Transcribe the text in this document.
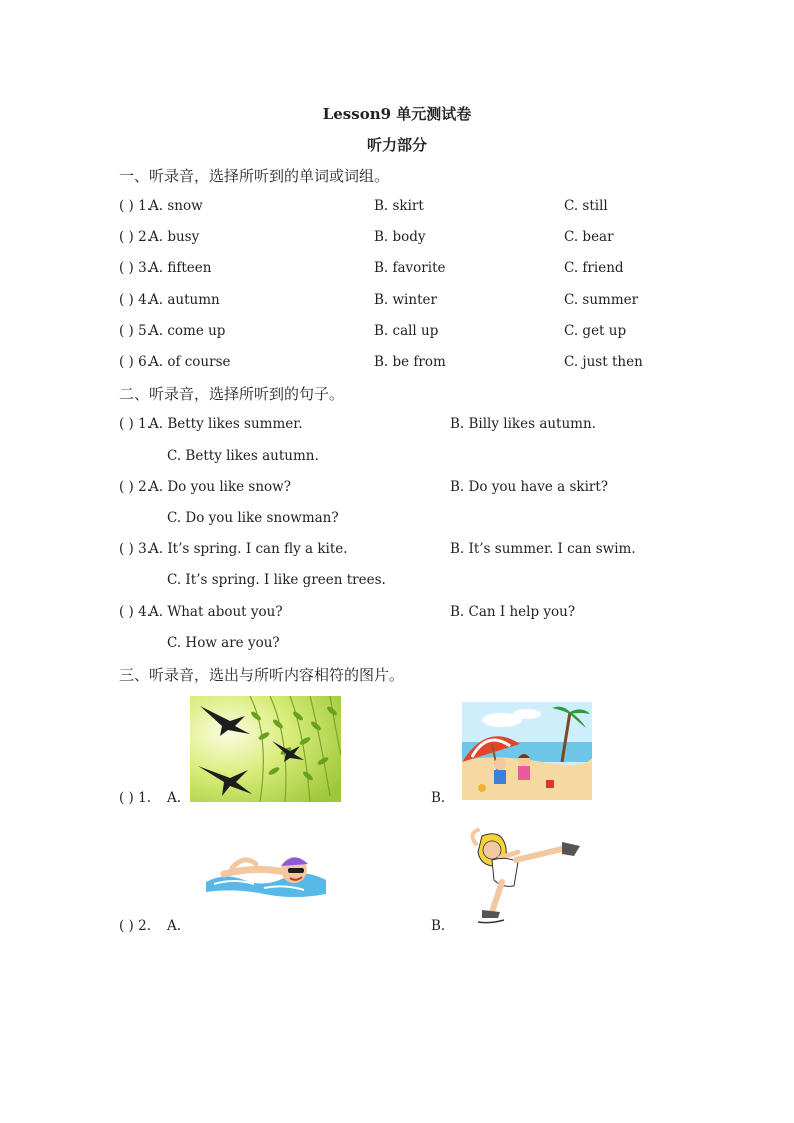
Lesson9 单元测试卷
听力部分
一、听录音，选择所听到的单词或词组。
( ) 1.
A. snow	B. skirt	C. still
( ) 2.
A. busy	B. body	C. bear
( ) 3.
A. fifteen	B. favorite	C. friend
( ) 4.
A. autumn	B. winter	C. summer
( ) 5.
A. come up	B. call up	C. get up
( ) 6.
A. of course	B. be from	C. just then
二、听录音，选择所听到的句子。
( ) 1.
A. Betty likes summer.	B. Billy likes autumn.
C. Betty likes autumn.
( ) 2.
A. Do you like snow?	B. Do you have a skirt?
C. Do you like snowman?
( ) 3.
A. It’s spring. I can fly a kite.	B. It’s summer. I can swim.
C. It’s spring. I like green trees.
( ) 4.
A. What about you?	B. Can I help you?
C. How are you?
三、听录音，选出与所听内容相符的图片。
( ) 1. A.	B.
( ) 2. A.	B.
